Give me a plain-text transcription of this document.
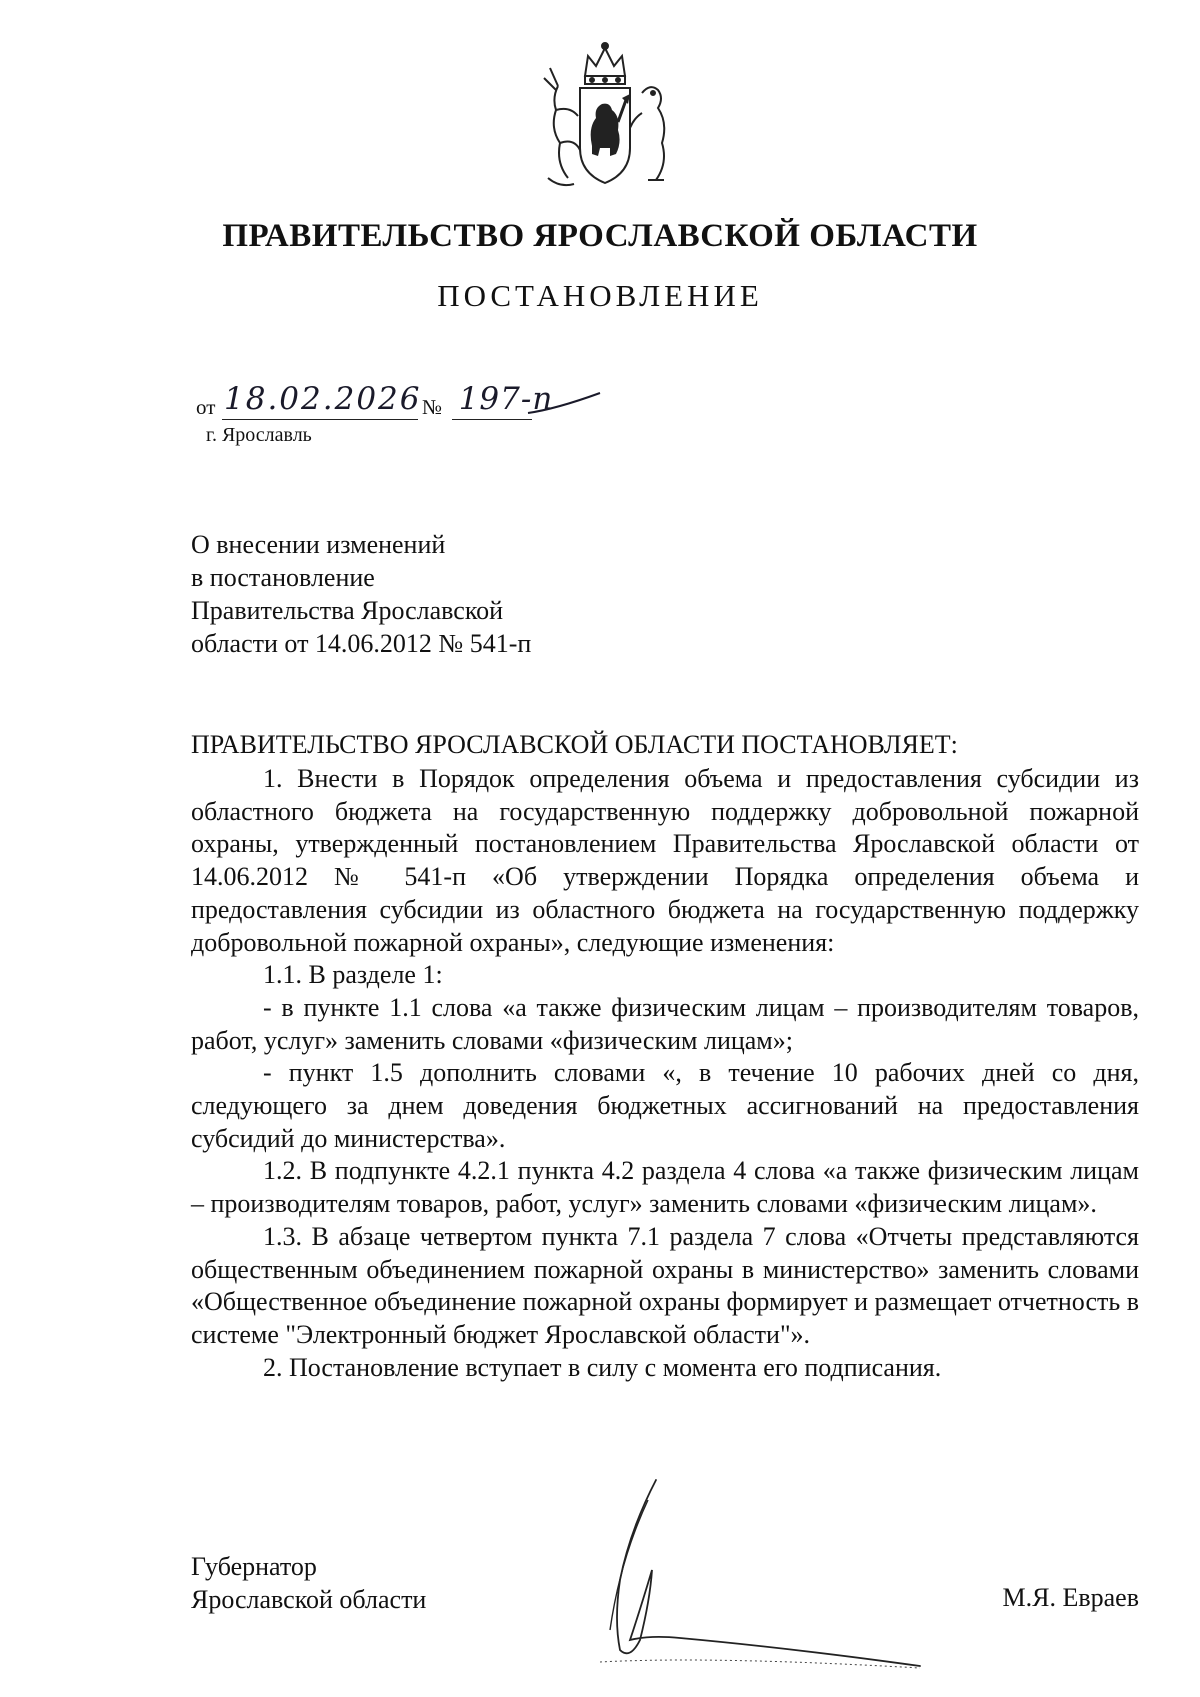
ПРАВИТЕЛЬСТВО ЯРОСЛАВСКОЙ ОБЛАСТИ
ПОСТАНОВЛЕНИЕ
от 18.02.2026 № 197-п
г. Ярославль
О внесении изменений
в постановление
Правительства Ярославской
области от 14.06.2012 № 541-п
ПРАВИТЕЛЬСТВО ЯРОСЛАВСКОЙ ОБЛАСТИ ПОСТАНОВЛЯЕТ:

1. Внести в Порядок определения объема и предоставления субсидии из областного бюджета на государственную поддержку добровольной пожарной охраны, утвержденный постановлением Правительства Ярославской области от 14.06.2012 № 541-п «Об утверждении Порядка определения объема и предоставления субсидии из областного бюджета на государственную поддержку добровольной пожарной охраны», следующие изменения:

1.1. В разделе 1:

- в пункте 1.1 слова «а также физическим лицам – производителям товаров, работ, услуг» заменить словами «физическим лицам»;

- пункт 1.5 дополнить словами «, в течение 10 рабочих дней со дня, следующего за днем доведения бюджетных ассигнований на предоставления субсидий до министерства».

1.2. В подпункте 4.2.1 пункта 4.2 раздела 4 слова «а также физическим лицам – производителям товаров, работ, услуг» заменить словами «физическим лицам».

1.3. В абзаце четвертом пункта 7.1 раздела 7 слова «Отчеты представляются общественным объединением пожарной охраны в министерство» заменить словами «Общественное объединение пожарной охраны формирует и размещает отчетность в системе "Электронный бюджет Ярославской области"».

2. Постановление вступает в силу с момента его подписания.

Губернатор
Ярославской области	М.Я. Евраев
